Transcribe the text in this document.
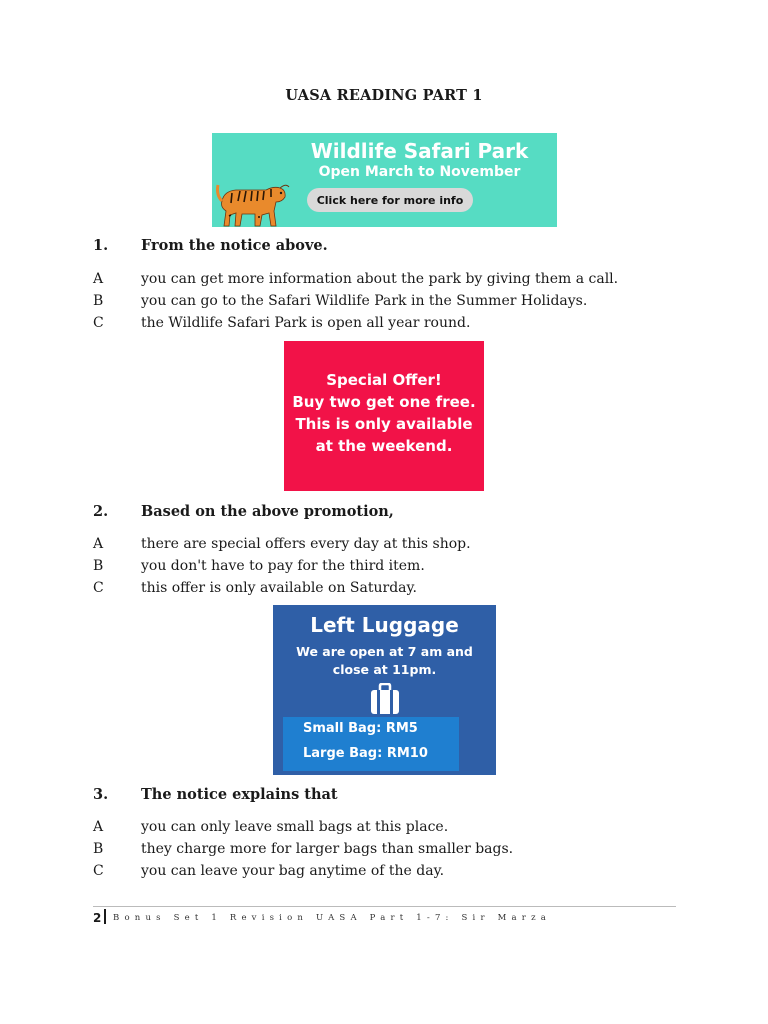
UASA READING PART 1
Wildlife Safari Park
Open March to November
Click here for more info
1. From the notice above.
A	you can get more information about the park by giving them a call.
B	you can go to the Safari Wildlife Park in the Summer Holidays.
C	the Wildlife Safari Park is open all year round.
Special Offer!
Buy two get one free.
This is only available
at the weekend.
2. Based on the above promotion,
A	there are special offers every day at this shop.
B	you don't have to pay for the third item.
C	this offer is only available on Saturday.
Left Luggage
We are open at 7 am and
close at 11pm.
Small Bag: RM5
Large Bag: RM10
3. The notice explains that
A	you can only leave small bags at this place.
B	they charge more for larger bags than smaller bags.
C	you can leave your bag anytime of the day.
2 Bonus Set 1 Revision UASA Part 1-7: Sir Marza
